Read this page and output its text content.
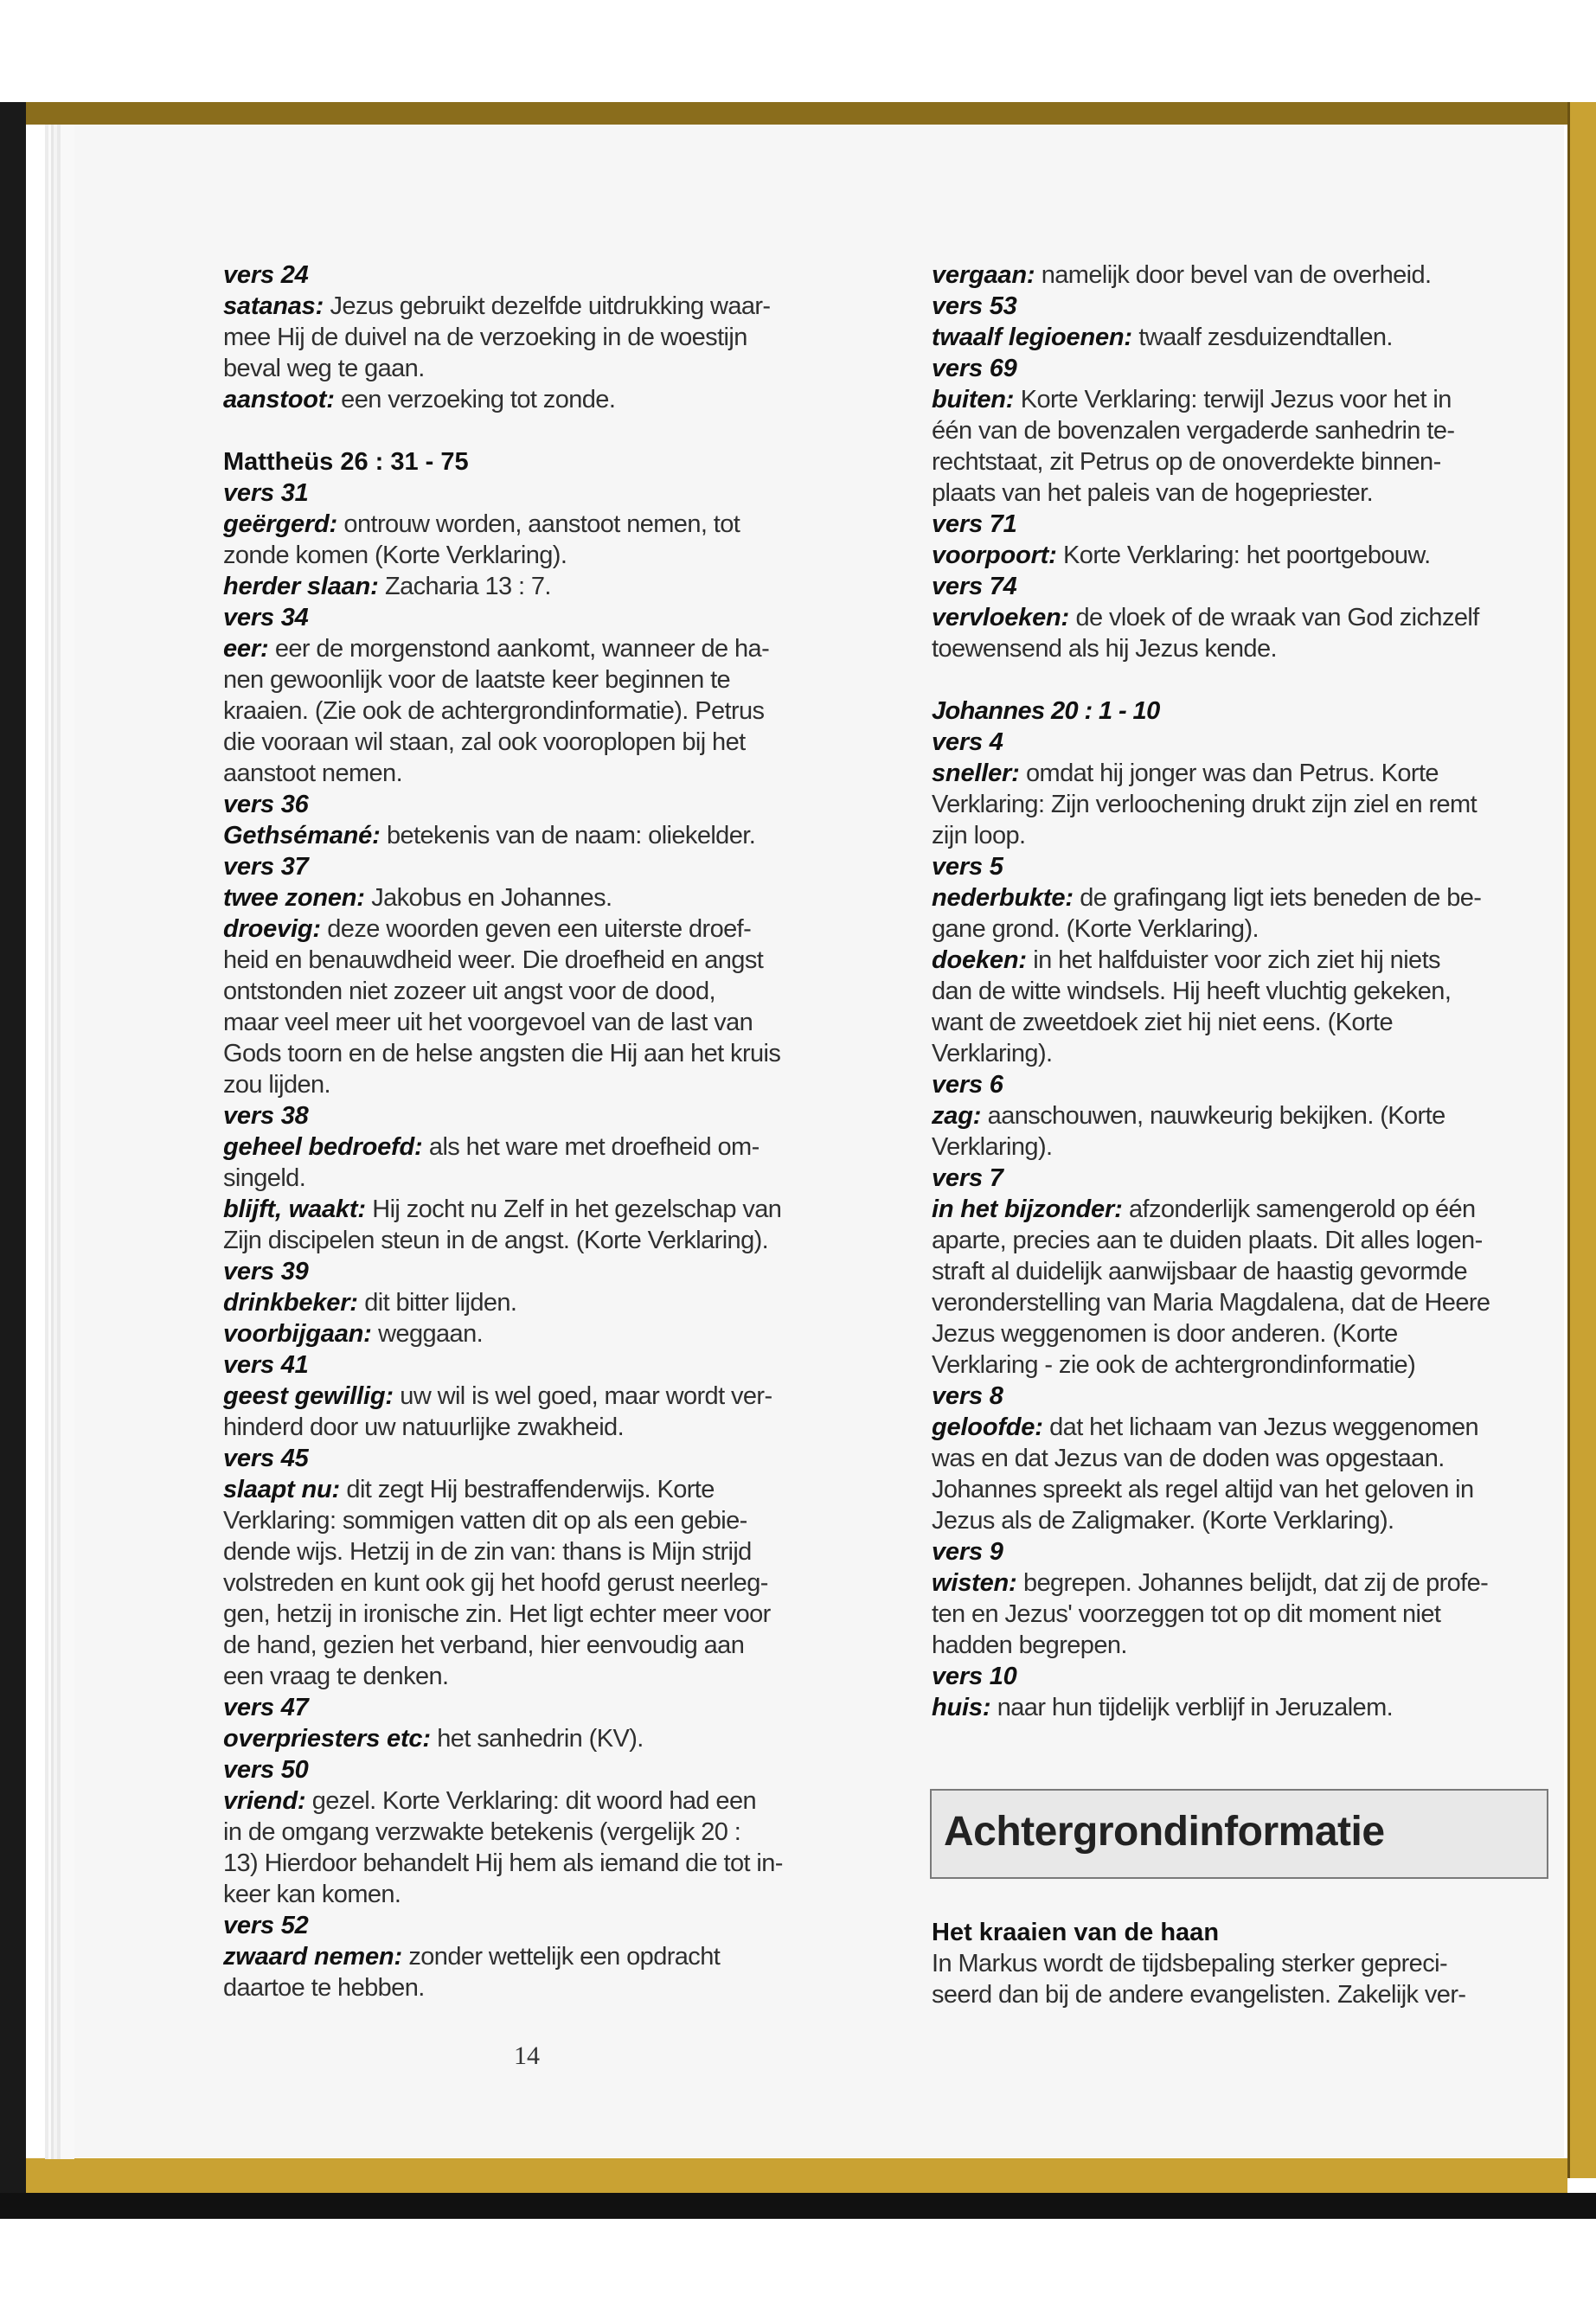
vers 24
satanas: Jezus gebruikt dezelfde uitdrukking waar-
mee Hij de duivel na de verzoeking in de woestijn
beval weg te gaan.
aanstoot: een verzoeking tot zonde.
Mattheüs 26 : 31 - 75
vers 31
geërgerd: ontrouw worden, aanstoot nemen, tot
zonde komen (Korte Verklaring).
herder slaan: Zacharia 13 : 7.
vers 34
eer: eer de morgenstond aankomt, wanneer de ha-
nen gewoonlijk voor de laatste keer beginnen te
kraaien. (Zie ook de achtergrondinformatie). Petrus
die vooraan wil staan, zal ook vooroplopen bij het
aanstoot nemen.
vers 36
Gethsémané: betekenis van de naam: oliekelder.
vers 37
twee zonen: Jakobus en Johannes.
droevig: deze woorden geven een uiterste droef-
heid en benauwdheid weer. Die droefheid en angst
ontstonden niet zozeer uit angst voor de dood,
maar veel meer uit het voorgevoel van de last van
Gods toorn en de helse angsten die Hij aan het kruis
zou lijden.
vers 38
geheel bedroefd: als het ware met droefheid om-
singeld.
blijft, waakt: Hij zocht nu Zelf in het gezelschap van
Zijn discipelen steun in de angst. (Korte Verklaring).
vers 39
drinkbeker: dit bitter lijden.
voorbijgaan: weggaan.
vers 41
geest gewillig: uw wil is wel goed, maar wordt ver-
hinderd door uw natuurlijke zwakheid.
vers 45
slaapt nu: dit zegt Hij bestraffenderwijs. Korte
Verklaring: sommigen vatten dit op als een gebie-
dende wijs. Hetzij in de zin van: thans is Mijn strijd
volstreden en kunt ook gij het hoofd gerust neerleg-
gen, hetzij in ironische zin. Het ligt echter meer voor
de hand, gezien het verband, hier eenvoudig aan
een vraag te denken.
vers 47
overpriesters etc: het sanhedrin (KV).
vers 50
vriend: gezel. Korte Verklaring: dit woord had een
in de omgang verzwakte betekenis (vergelijk 20 :
13) Hierdoor behandelt Hij hem als iemand die tot in-
keer kan komen.
vers 52
zwaard nemen: zonder wettelijk een opdracht
daartoe te hebben.
vergaan: namelijk door bevel van de overheid.
vers 53
twaalf legioenen: twaalf zesduizendtallen.
vers 69
buiten: Korte Verklaring: terwijl Jezus voor het in
één van de bovenzalen vergaderde sanhedrin te-
rechtstaat, zit Petrus op de onoverdekte binnen-
plaats van het paleis van de hogepriester.
vers 71
voorpoort: Korte Verklaring: het poortgebouw.
vers 74
vervloeken: de vloek of de wraak van God zichzelf
toewensend als hij Jezus kende.
Johannes 20 : 1 - 10
vers 4
sneller: omdat hij jonger was dan Petrus. Korte
Verklaring: Zijn verloochening drukt zijn ziel en remt
zijn loop.
vers 5
nederbukte: de grafingang ligt iets beneden de be-
gane grond. (Korte Verklaring).
doeken: in het halfduister voor zich ziet hij niets
dan de witte windsels. Hij heeft vluchtig gekeken,
want de zweetdoek ziet hij niet eens. (Korte
Verklaring).
vers 6
zag: aanschouwen, nauwkeurig bekijken. (Korte
Verklaring).
vers 7
in het bijzonder: afzonderlijk samengerold op één
aparte, precies aan te duiden plaats. Dit alles logen-
straft al duidelijk aanwijsbaar de haastig gevormde
veronderstelling van Maria Magdalena, dat de Heere
Jezus weggenomen is door anderen. (Korte
Verklaring - zie ook de achtergrondinformatie)
vers 8
geloofde: dat het lichaam van Jezus weggenomen
was en dat Jezus van de doden was opgestaan.
Johannes spreekt als regel altijd van het geloven in
Jezus als de Zaligmaker. (Korte Verklaring).
vers 9
wisten: begrepen. Johannes belijdt, dat zij de profe-
ten en Jezus' voorzeggen tot op dit moment niet
hadden begrepen.
vers 10
huis: naar hun tijdelijk verblijf in Jeruzalem.
Achtergrondinformatie
Het kraaien van de haan
In Markus wordt de tijdsbepaling sterker gepreci-
seerd dan bij de andere evangelisten. Zakelijk ver-
14
